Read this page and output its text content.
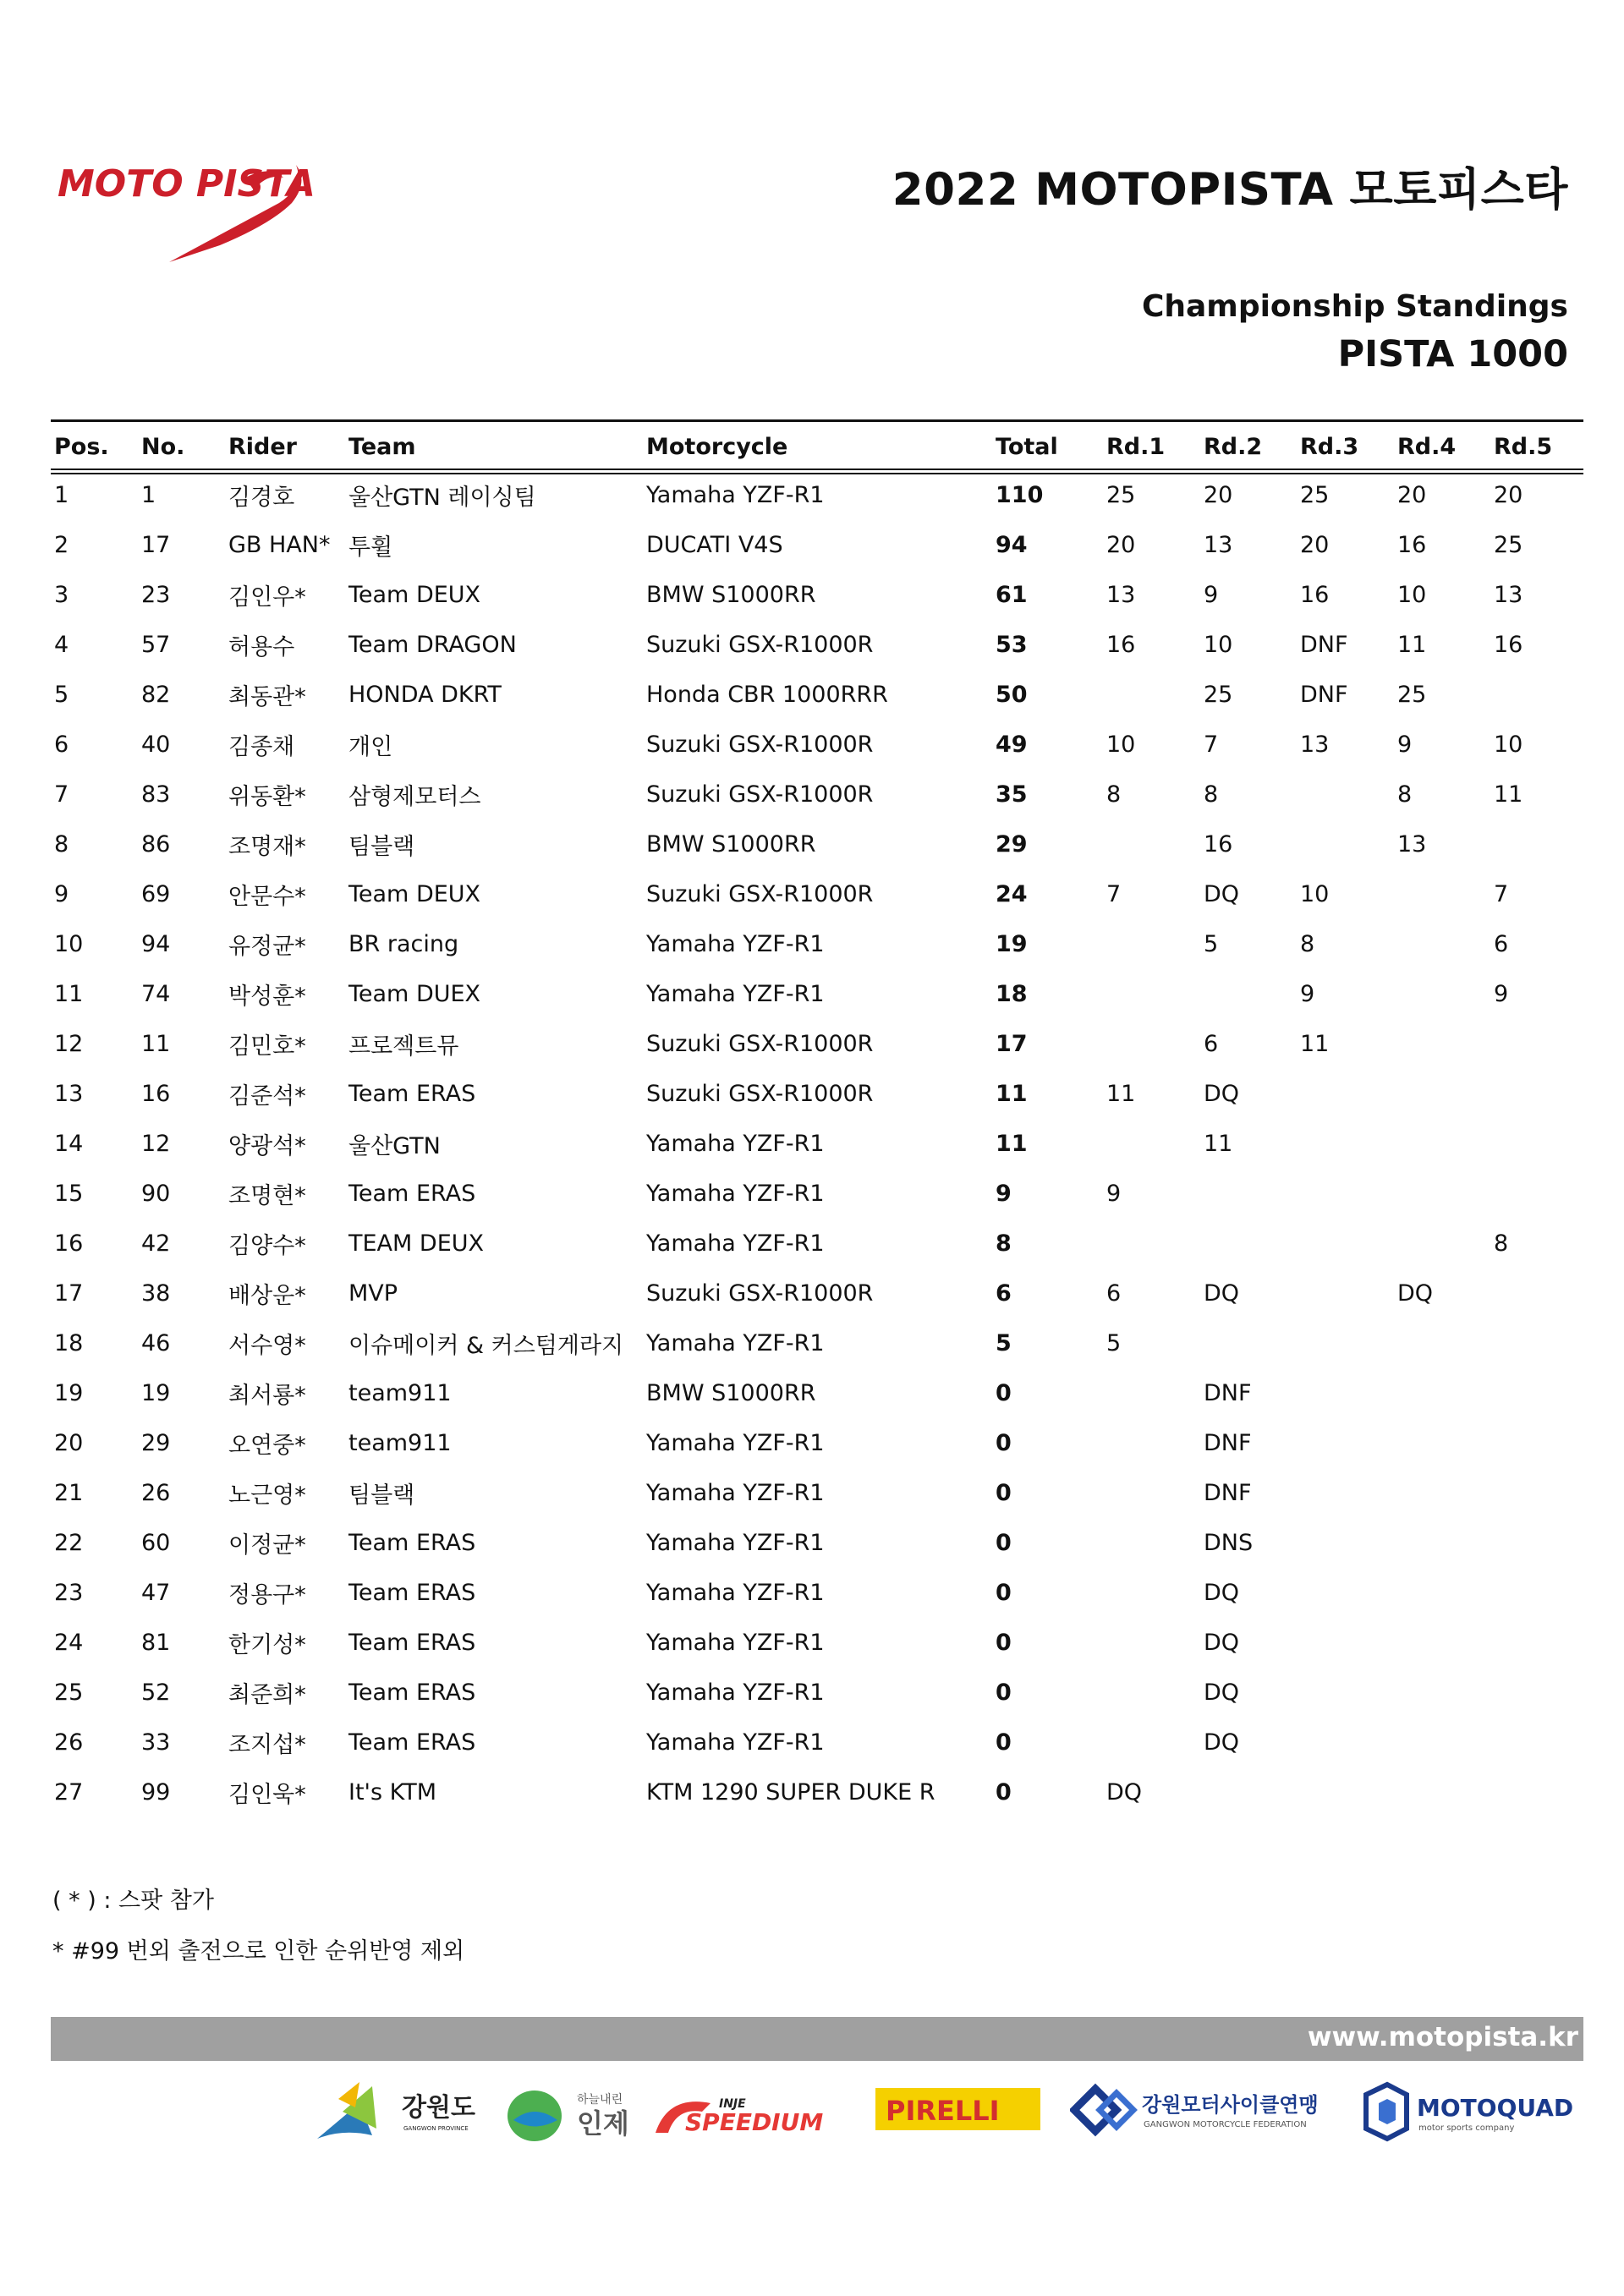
MOTO PISTA	2022 MOTOPISTA 모토피스타
Championship Standings
PISTA 1000
Pos.	No.	Rider	Team	Motorcycle	Total	Rd.1	Rd.2	Rd.3	Rd.4	Rd.5
1	1	김경호	울산GTN 레이싱팀	Yamaha YZF-R1	110	25	20	25	20	20
2	17	GB HAN*	투휠	DUCATI V4S	94	20	13	20	16	25
3	23	김인우*	Team DEUX	BMW S1000RR	61	13	9	16	10	13
4	57	허용수	Team DRAGON	Suzuki GSX-R1000R	53	16	10	DNF	11	16
5	82	최동관*	HONDA DKRT	Honda CBR 1000RRR	50		25	DNF	25	
6	40	김종채	개인	Suzuki GSX-R1000R	49	10	7	13	9	10
7	83	위동환*	삼형제모터스	Suzuki GSX-R1000R	35	8	8		8	11
8	86	조명재*	팀블랙	BMW S1000RR	29		16		13	
9	69	안문수*	Team DEUX	Suzuki GSX-R1000R	24	7	DQ	10		7
10	94	유정균*	BR racing	Yamaha YZF-R1	19		5	8		6
11	74	박성훈*	Team DUEX	Yamaha YZF-R1	18			9		9
12	11	김민호*	프로젝트뮤	Suzuki GSX-R1000R	17		6	11		
13	16	김준석*	Team ERAS	Suzuki GSX-R1000R	11	11	DQ			
14	12	양광석*	울산GTN	Yamaha YZF-R1	11		11			
15	90	조명현*	Team ERAS	Yamaha YZF-R1	9	9				
16	42	김양수*	TEAM DEUX	Yamaha YZF-R1	8					8
17	38	배상운*	MVP	Suzuki GSX-R1000R	6	6	DQ		DQ	
18	46	서수영*	이슈메이커 & 커스텀게라지	Yamaha YZF-R1	5	5				
19	19	최서룡*	team911	BMW S1000RR	0		DNF			
20	29	오연중*	team911	Yamaha YZF-R1	0		DNF			
21	26	노근영*	팀블랙	Yamaha YZF-R1	0		DNF			
22	60	이정균*	Team ERAS	Yamaha YZF-R1	0		DNS			
23	47	정용구*	Team ERAS	Yamaha YZF-R1	0		DQ			
24	81	한기성*	Team ERAS	Yamaha YZF-R1	0		DQ			
25	52	최준희*	Team ERAS	Yamaha YZF-R1	0		DQ			
26	33	조지섭*	Team ERAS	Yamaha YZF-R1	0		DQ			
27	99	김인욱*	It's KTM	KTM 1290 SUPER DUKE R	0	DQ				
( * ) : 스팟 참가
* #99 번외 출전으로 인한 순위반영 제외
www.motopista.kr
강원도
GANGWON PROVINCE
하늘내린
인제
INJE
SPEEDIUM PIRELLI	강원모터사이클연맹
GANGWON MOTORCYCLE FEDERATION
MOTOQUAD
motor sports company
